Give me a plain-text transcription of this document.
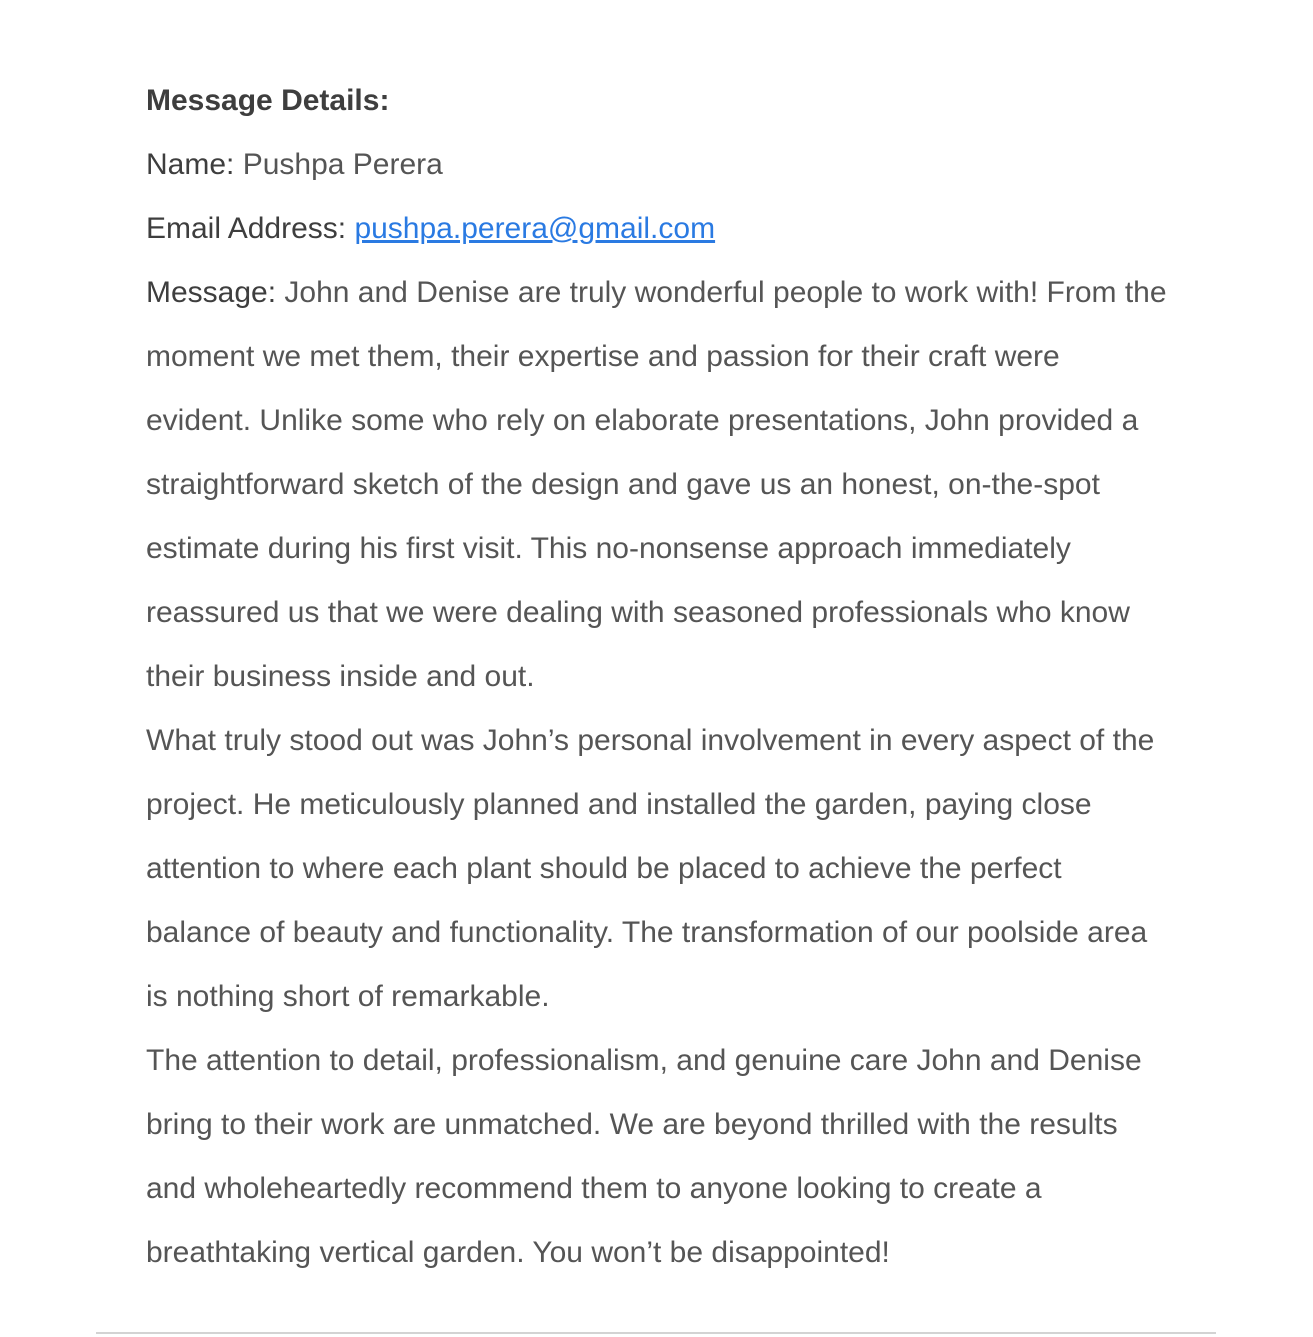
Message Details:

Name: Pushpa Perera

Email Address: pushpa.perera@gmail.com

Message: John and Denise are truly wonderful people to work with! From the moment we met them, their expertise and passion for their craft were evident. Unlike some who rely on elaborate presentations, John provided a straightforward sketch of the design and gave us an honest, on-the-spot estimate during his first visit. This no-nonsense approach immediately reassured us that we were dealing with seasoned professionals who know their business inside and out.

What truly stood out was John’s personal involvement in every aspect of the project. He meticulously planned and installed the garden, paying close attention to where each plant should be placed to achieve the perfect balance of beauty and functionality. The transformation of our poolside area is nothing short of remarkable.

The attention to detail, professionalism, and genuine care John and Denise bring to their work are unmatched. We are beyond thrilled with the results and wholeheartedly recommend them to anyone looking to create a breathtaking vertical garden. You won’t be disappointed!
